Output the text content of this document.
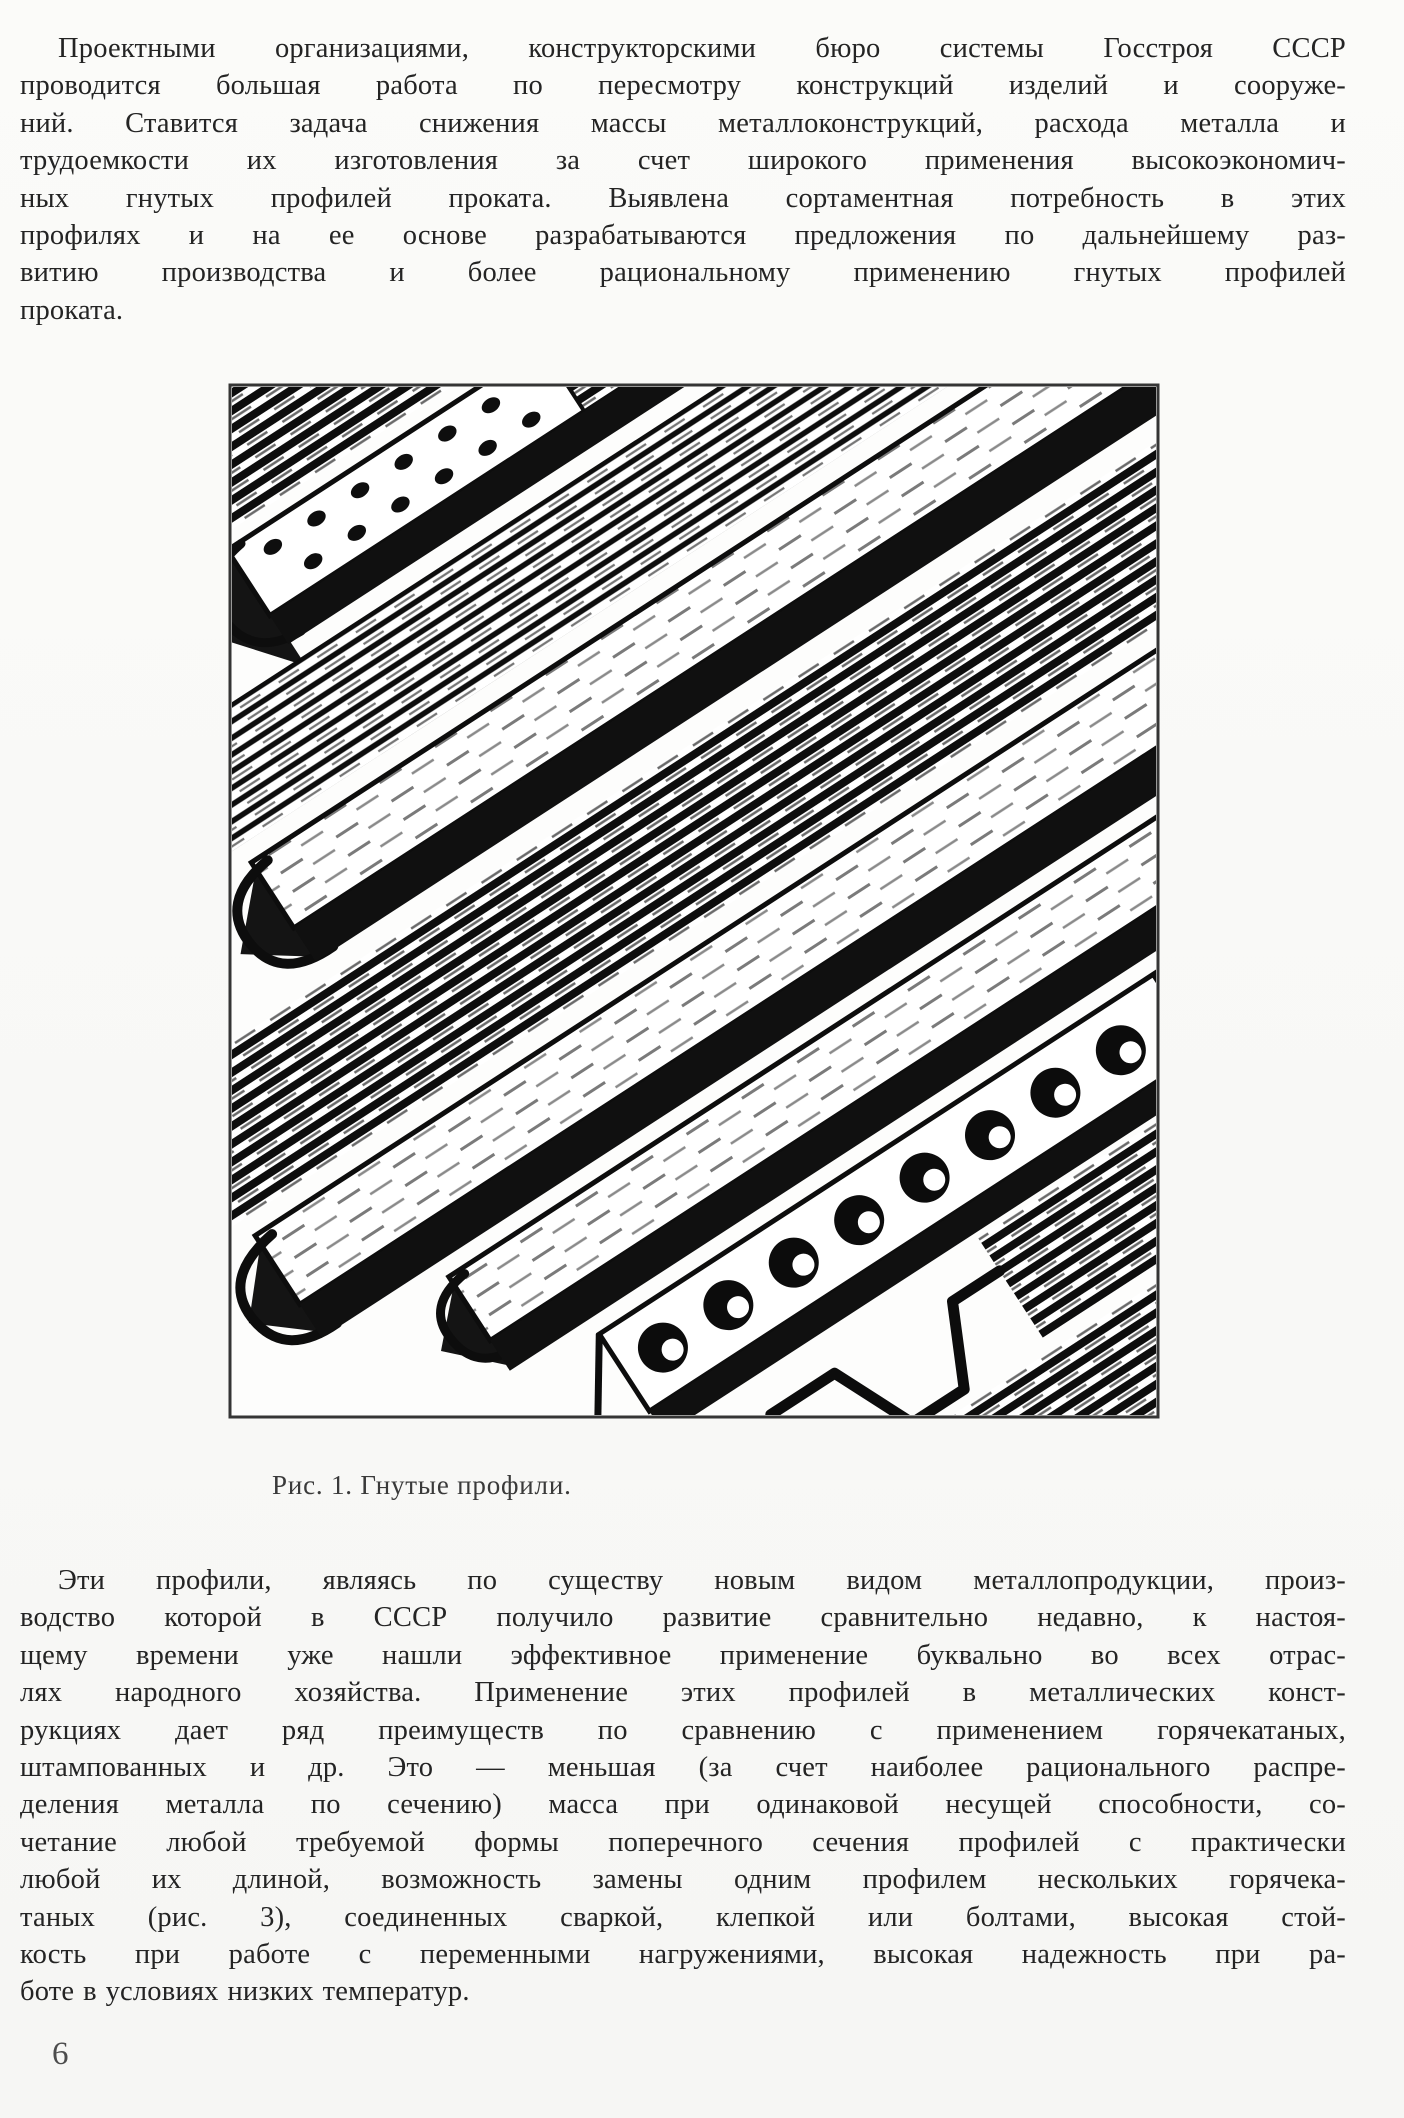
Проектными организациями, конструкторскими бюро системы Госстроя СССР
проводится большая работа по пересмотру конструкций изделий и сооруже-
ний. Ставится задача снижения массы металлоконструкций, расхода металла и
трудоемкости их изготовления за счет широкого применения высокоэкономич-
ных гнутых профилей проката. Выявлена сортаментная потребность в этих
профилях и на ее основе разрабатываются предложения по дальнейшему раз-
витию производства и более рациональному применению гнутых профилей
проката.
Рис. 1. Гнутые профили.
Эти профили, являясь по существу новым видом металлопродукции, произ-
водство которой в СССР получило развитие сравнительно недавно, к настоя-
щему времени уже нашли эффективное применение буквально во всех отрас-
лях народного хозяйства. Применение этих профилей в металлических конст-
рукциях дает ряд преимуществ по сравнению с применением горячекатаных,
штампованных и др. Это — меньшая (за счет наиболее рационального распре-
деления металла по сечению) масса при одинаковой несущей способности, со-
четание любой требуемой формы поперечного сечения профилей с практически
любой их длиной, возможность замены одним профилем нескольких горячека-
таных (рис. 3), соединенных сваркой, клепкой или болтами, высокая стой-
кость при работе с переменными нагружениями, высокая надежность при ра-
боте в условиях низких температур.
6
